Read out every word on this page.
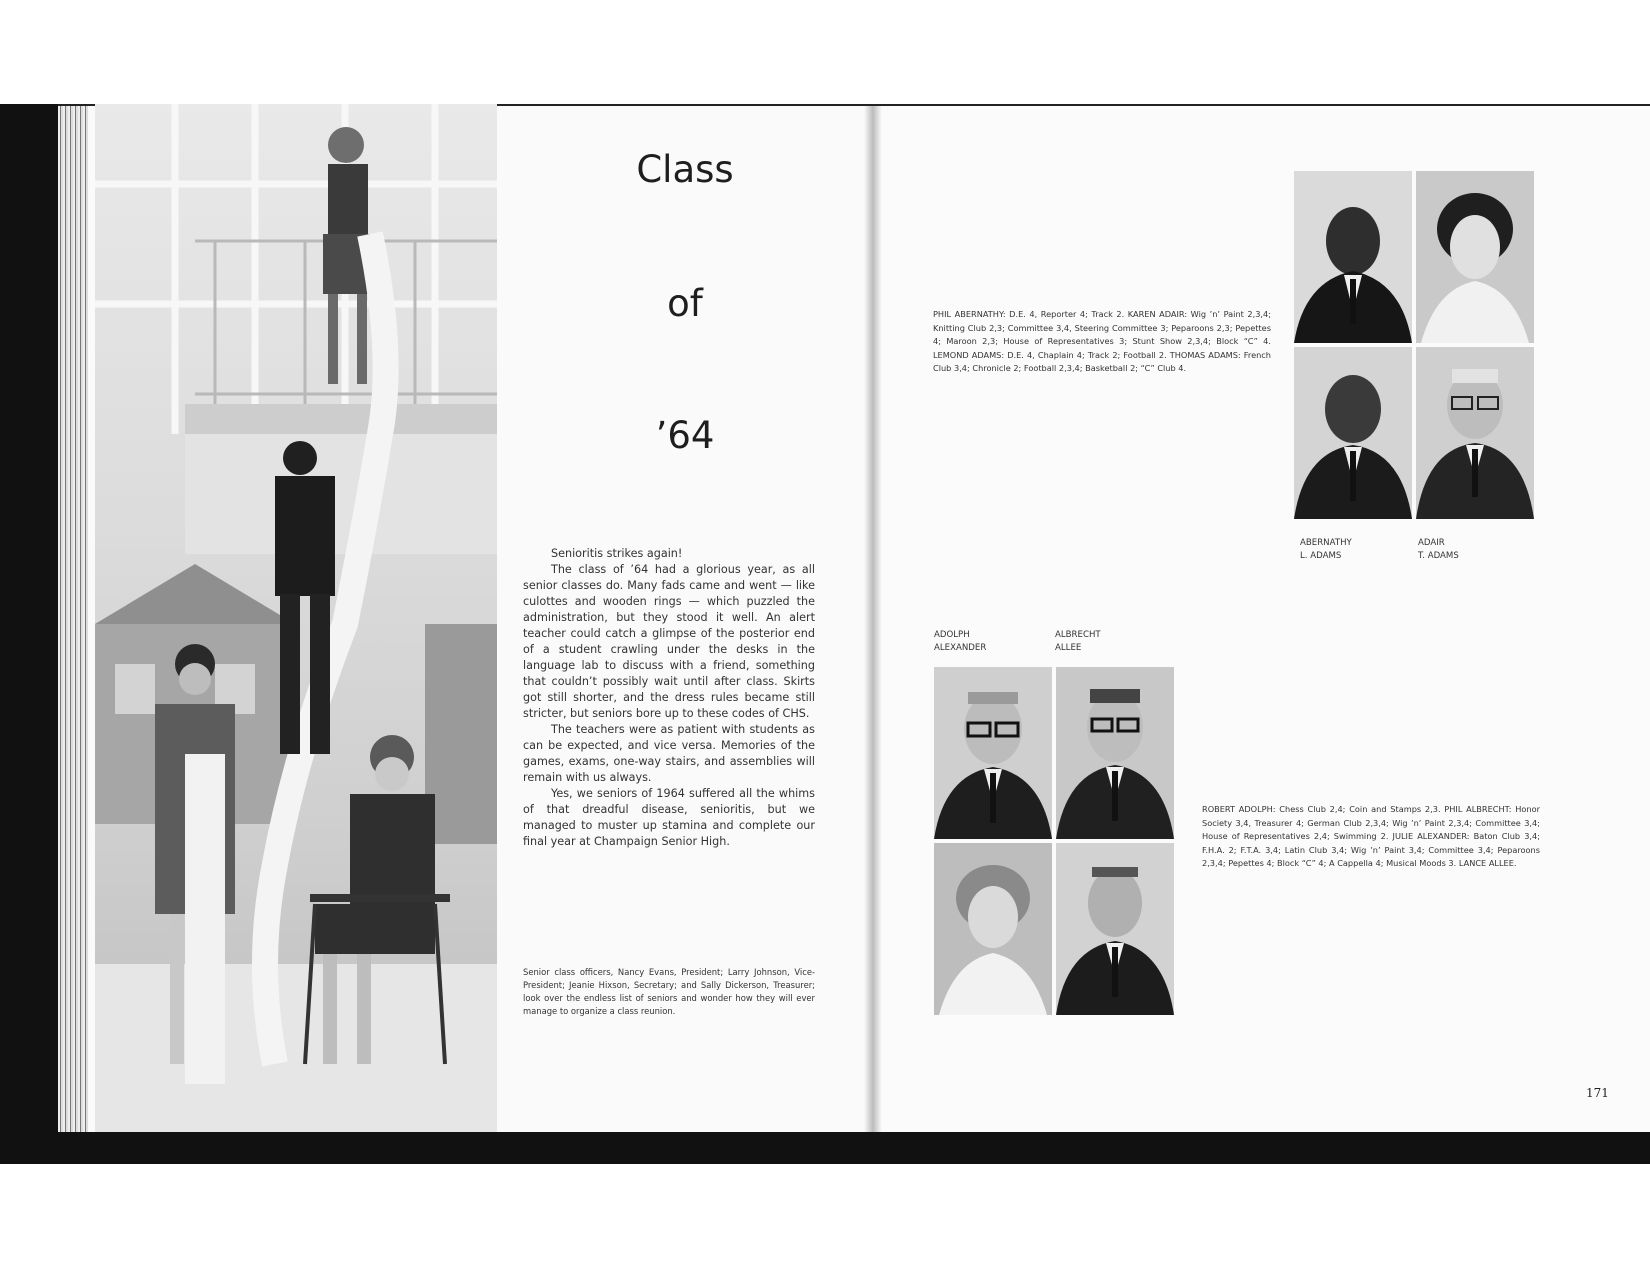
Class
of
’64

Senioritis strikes again!

The class of ’64 had a glorious year, as all senior classes do. Many fads came and went — like culottes and wooden rings — which puzzled the administration, but they stood it well. An alert teacher could catch a glimpse of the posterior end of a student crawling under the desks in the language lab to discuss with a friend, something that couldn’t possibly wait until after class. Skirts got still shorter, and the dress rules became still stricter, but seniors bore up to these codes of CHS.

The teachers were as patient with students as can be expected, and vice versa. Memories of the games, exams, one-way stairs, and assemblies will remain with us always.

Yes, we seniors of 1964 suffered all the whims of that dreadful disease, senioritis, but we managed to muster up stamina and complete our final year at Champaign Senior High.

Senior class officers, Nancy Evans, President; Larry Johnson, Vice-President; Jeanie Hixson, Secretary; and Sally Dickerson, Treasurer; look over the endless list of seniors and wonder how they will ever manage to organize a class reunion.
PHIL ABERNATHY: D.E. 4, Reporter 4; Track 2. KAREN ADAIR: Wig ’n’ Paint 2,3,4; Knitting Club 2,3; Committee 3,4, Steering Committee 3; Peparoons 2,3; Pepettes 4; Maroon 2,3; House of Representatives 3; Stunt Show 2,3,4; Block “C” 4. LEMOND ADAMS: D.E. 4, Chaplain 4; Track 2; Football 2. THOMAS ADAMS: French Club 3,4; Chronicle 2; Football 2,3,4; Basketball 2; “C” Club 4.
ABERNATHY
L. ADAMS
ADAIR
T. ADAMS
ADOLPH
ALEXANDER
ALBRECHT
ALLEE
ROBERT ADOLPH: Chess Club 2,4; Coin and Stamps 2,3. PHIL ALBRECHT: Honor Society 3,4, Treasurer 4; German Club 2,3,4; Wig ’n’ Paint 2,3,4; Committee 3,4; House of Representatives 2,4; Swimming 2. JULIE ALEXANDER: Baton Club 3,4; F.H.A. 2; F.T.A. 3,4; Latin Club 3,4; Wig ’n’ Paint 3,4; Committee 3,4; Peparoons 2,3,4; Pepettes 4; Block “C” 4; A Cappella 4; Musical Moods 3. LANCE ALLEE.
171
